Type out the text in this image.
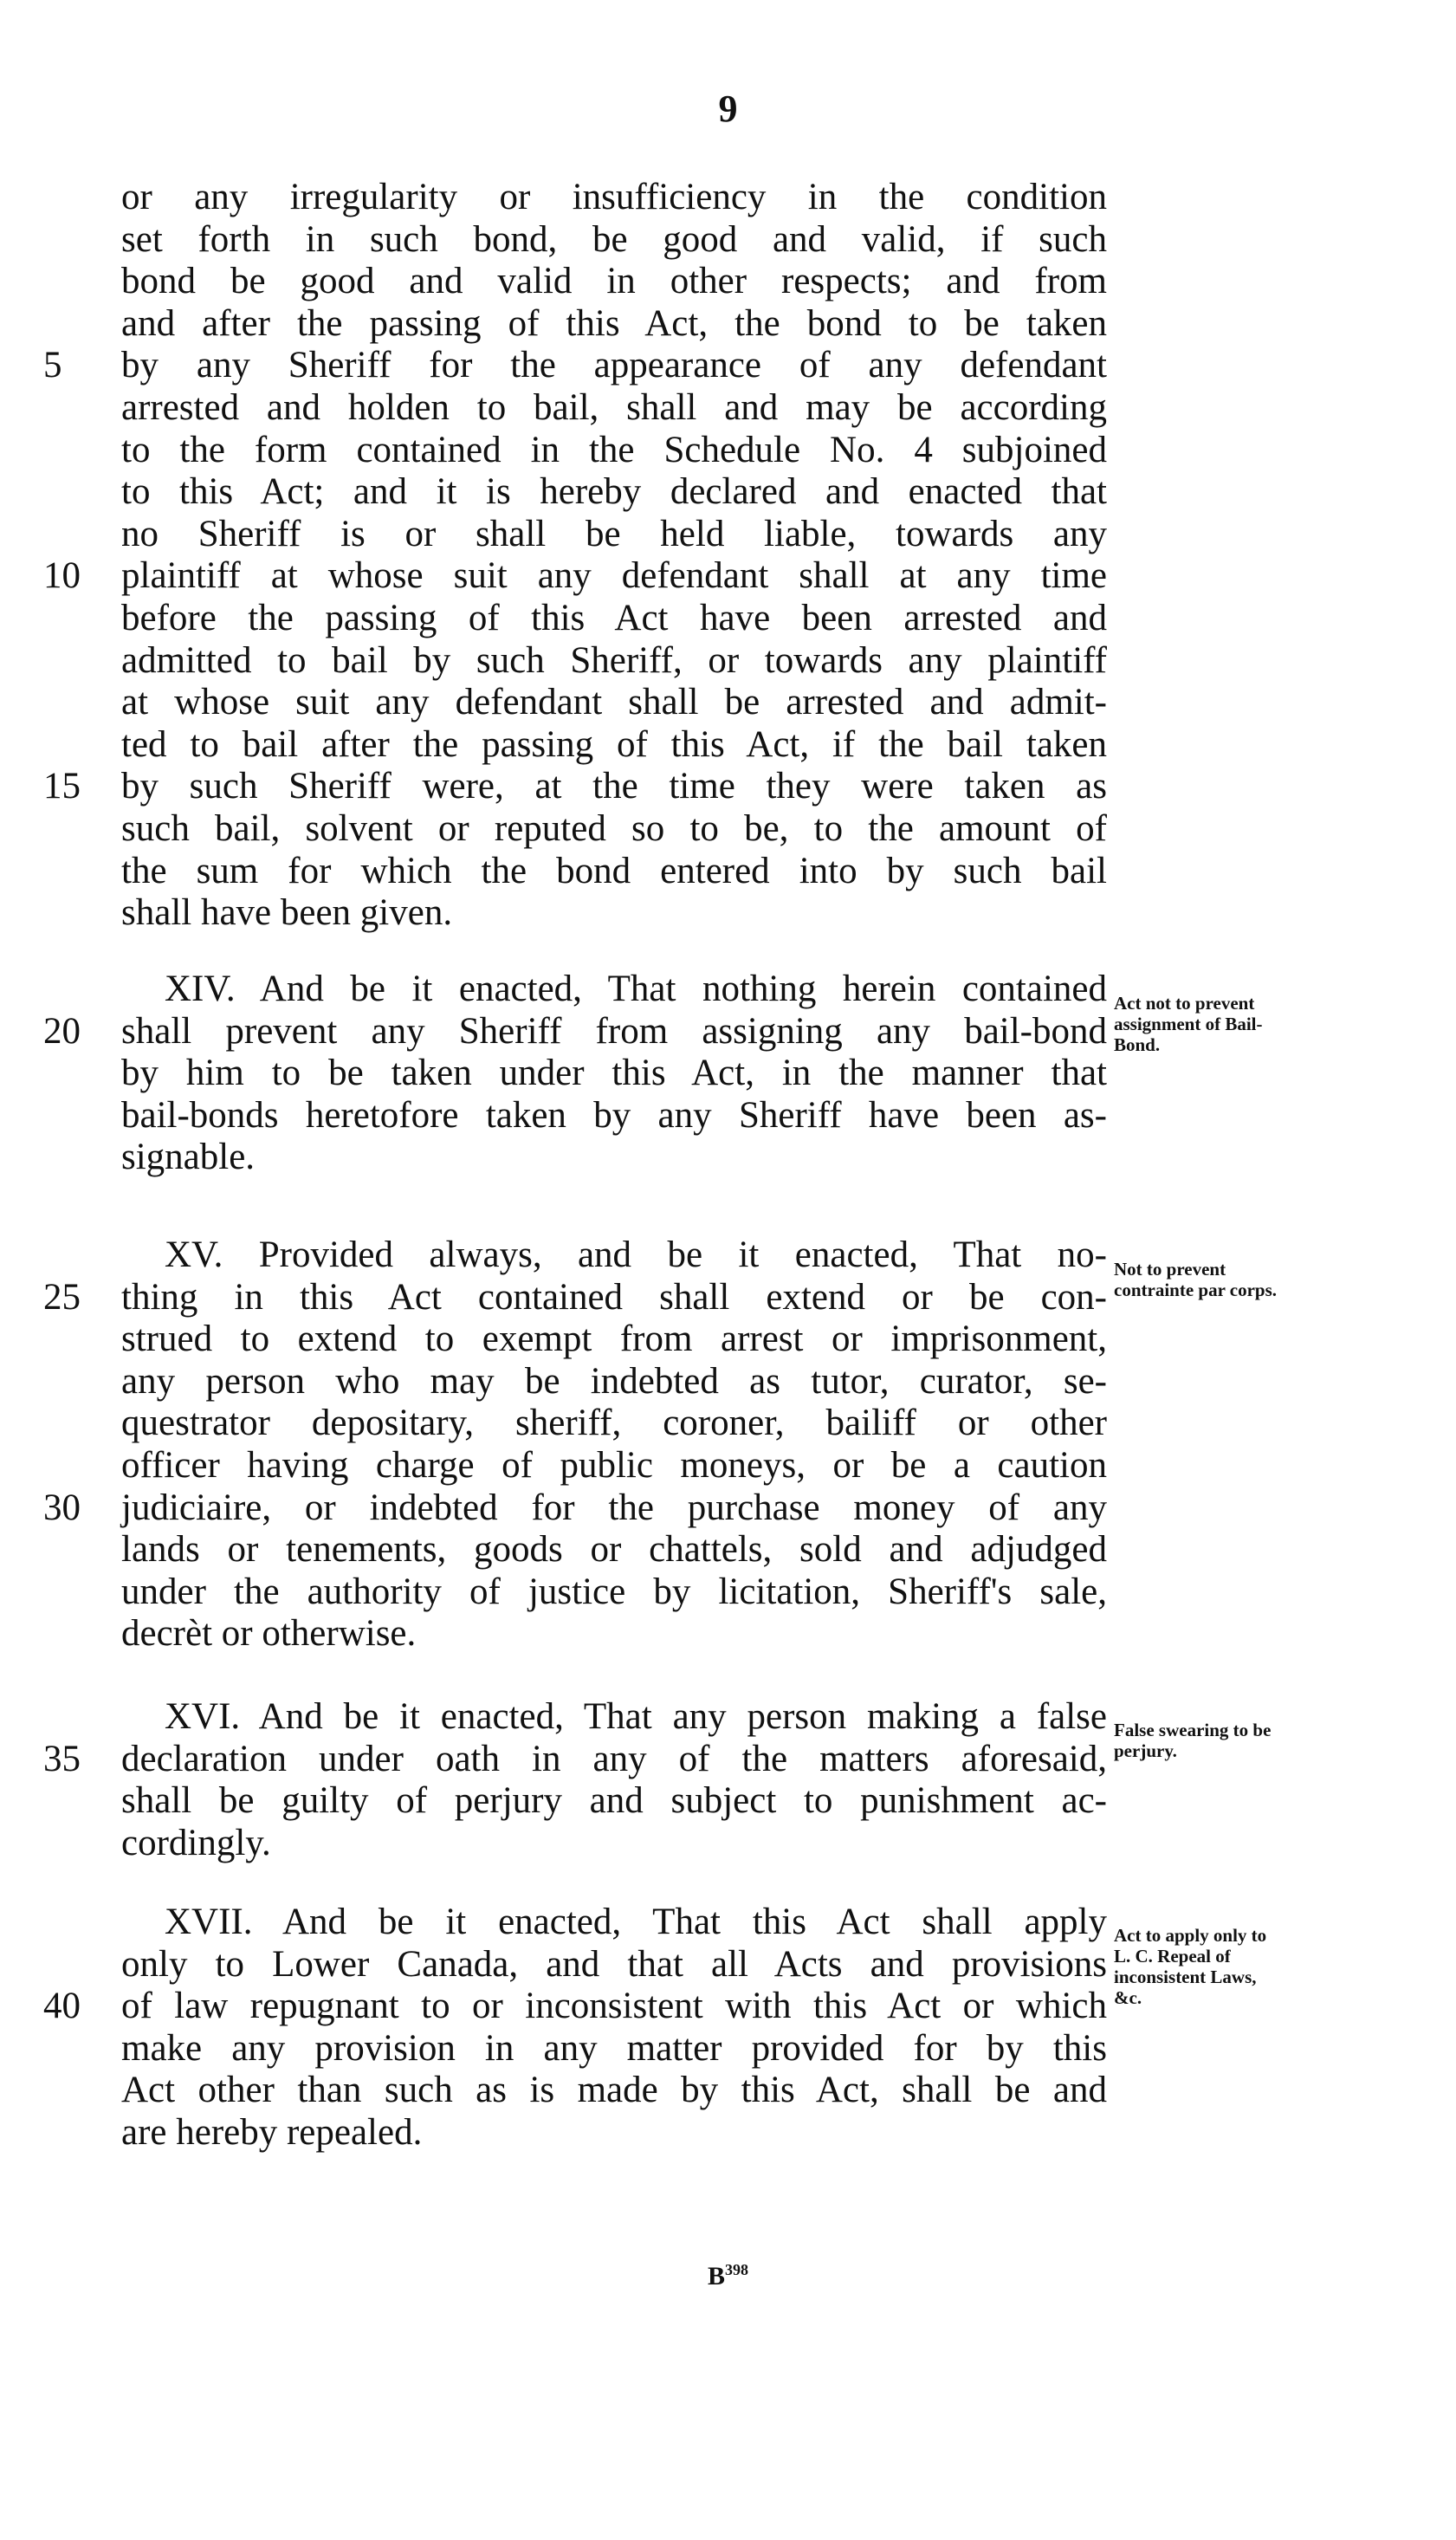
9
or any irregularity or insufficiency in the condition
set forth in such bond, be good and valid, if such
bond be good and valid in other respects; and from
and after the passing of this Act, the bond to be taken
5	by any Sheriff for the appearance of any defendant
arrested and holden to bail, shall and may be according
to the form contained in the Schedule No. 4 subjoined
to this Act; and it is hereby declared and enacted that
no Sheriff is or shall be held liable, towards any
10	plaintiff at whose suit any defendant shall at any time
before the passing of this Act have been arrested and
admitted to bail by such Sheriff, or towards any plaintiff
at whose suit any defendant shall be arrested and admit-
ted to bail after the passing of this Act, if the bail taken
15	by such Sheriff were, at the time they were taken as
such bail, solvent or reputed so to be, to the amount of
the sum for which the bond entered into by such bail
shall have been given.
XIV. And be it enacted, That nothing herein contained
20	shall prevent any Sheriff from assigning any bail-bond
by him to be taken under this Act, in the manner that
bail-bonds heretofore taken by any Sheriff have been as-
signable.
XV. Provided always, and be it enacted, That no-
25	thing in this Act contained shall extend or be con-
strued to extend to exempt from arrest or imprisonment,
any person who may be indebted as tutor, curator, se-
questrator depositary, sheriff, coroner, bailiff or other
officer having charge of public moneys, or be a caution
30	judiciaire, or indebted for the purchase money of any
lands or tenements, goods or chattels, sold and adjudged
under the authority of justice by licitation, Sheriff's sale,
decrèt or otherwise.
XVI. And be it enacted, That any person making a false
35	declaration under oath in any of the matters aforesaid,
shall be guilty of perjury and subject to punishment ac-
cordingly.
XVII. And be it enacted, That this Act shall apply
only to Lower Canada, and that all Acts and provisions
40	of law repugnant to or inconsistent with this Act or which
make any provision in any matter provided for by this
Act other than such as is made by this Act, shall be and
are hereby repealed.
Act not to prevent assignment of Bail-Bond.
Not to prevent contrainte par corps.
False swearing to be perjury.
Act to apply only to L. C. Repeal of inconsistent Laws, &c.
$B^{398}$
